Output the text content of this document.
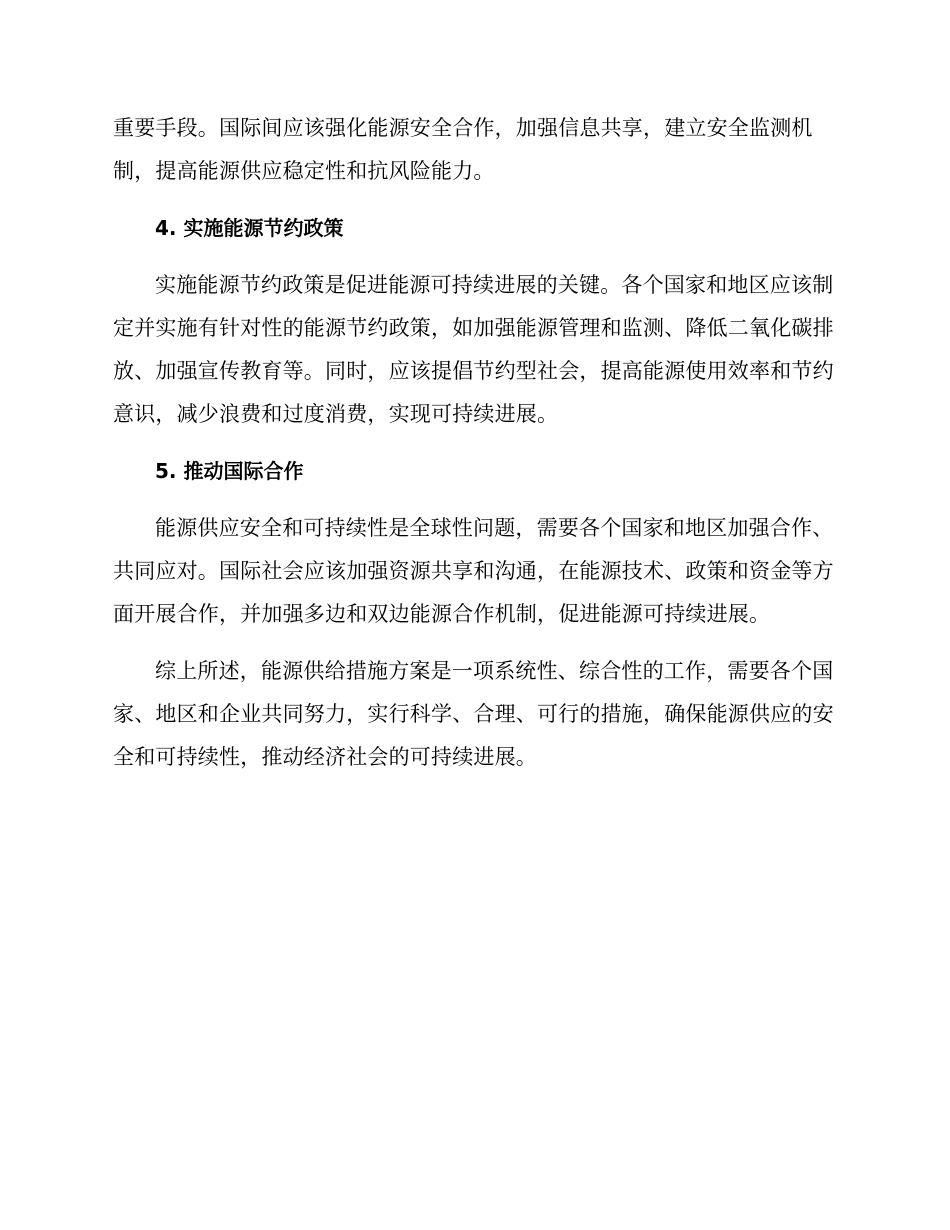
重要手段。国际间应该强化能源安全合作，加强信息共享，建立安全监测机制，提高能源供应稳定性和抗风险能力。

4. 实施能源节约政策

实施能源节约政策是促进能源可持续进展的关键。各个国家和地区应该制定并实施有针对性的能源节约政策，如加强能源管理和监测、降低二氧化碳排放、加强宣传教育等。同时，应该提倡节约型社会，提高能源使用效率和节约意识，减少浪费和过度消费，实现可持续进展。

5. 推动国际合作

能源供应安全和可持续性是全球性问题，需要各个国家和地区加强合作、共同应对。国际社会应该加强资源共享和沟通，在能源技术、政策和资金等方面开展合作，并加强多边和双边能源合作机制，促进能源可持续进展。

综上所述，能源供给措施方案是一项系统性、综合性的工作，需要各个国家、地区和企业共同努力，实行科学、合理、可行的措施，确保能源供应的安全和可持续性，推动经济社会的可持续进展。
